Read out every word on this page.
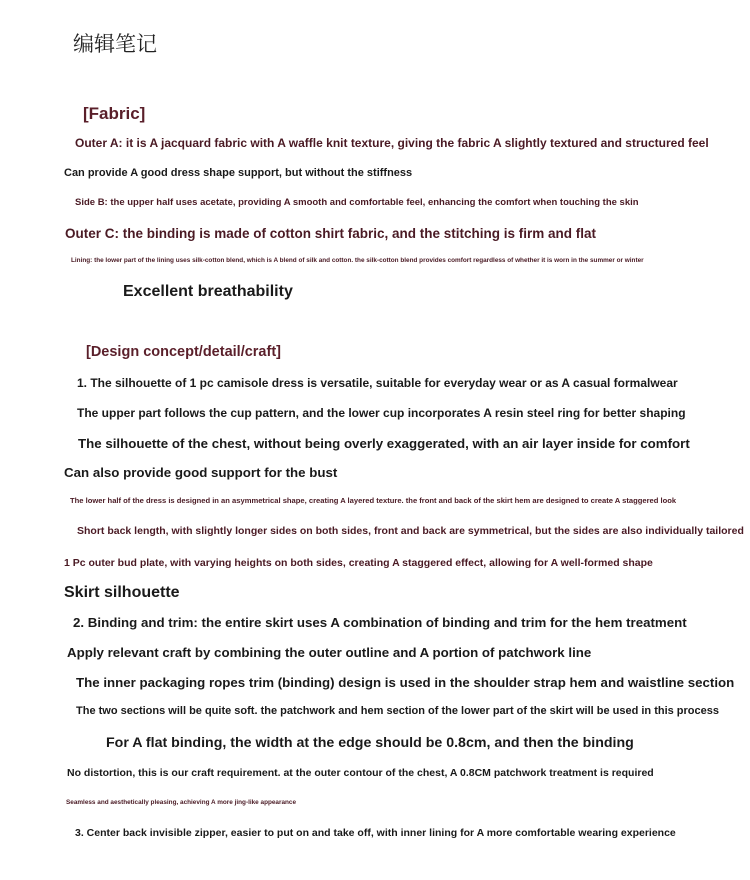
编辑笔记
[Fabric]
Outer A: it is A jacquard fabric with A waffle knit texture, giving the fabric A slightly textured and structured feel
Can provide A good dress shape support, but without the stiffness
Side B: the upper half uses acetate, providing A smooth and comfortable feel, enhancing the comfort when touching the skin
Outer C: the binding is made of cotton shirt fabric, and the stitching is firm and flat
Lining: the lower part of the lining uses silk-cotton blend, which is A blend of silk and cotton. the silk-cotton blend provides comfort regardless of whether it is worn in the summer or winter
Excellent breathability
[Design concept/detail/craft]
1. The silhouette of 1 pc camisole dress is versatile, suitable for everyday wear or as A casual formalwear
The upper part follows the cup pattern, and the lower cup incorporates A resin steel ring for better shaping
The silhouette of the chest, without being overly exaggerated, with an air layer inside for comfort
Can also provide good support for the bust
The lower half of the dress is designed in an asymmetrical shape, creating A layered texture. the front and back of the skirt hem are designed to create A staggered look
Short back length, with slightly longer sides on both sides, front and back are symmetrical, but the sides are also individually tailored
1 Pc outer bud plate, with varying heights on both sides, creating A staggered effect, allowing for A well-formed shape
Skirt silhouette
2. Binding and trim: the entire skirt uses A combination of binding and trim for the hem treatment
Apply relevant craft by combining the outer outline and A portion of patchwork line
The inner packaging ropes trim (binding) design is used in the shoulder strap hem and waistline section
The two sections will be quite soft. the patchwork and hem section of the lower part of the skirt will be used in this process
For A flat binding, the width at the edge should be 0.8cm, and then the binding
No distortion, this is our craft requirement. at the outer contour of the chest, A 0.8CM patchwork treatment is required
Seamless and aesthetically pleasing, achieving A more jing-like appearance
3. Center back invisible zipper, easier to put on and take off, with inner lining for A more comfortable wearing experience
